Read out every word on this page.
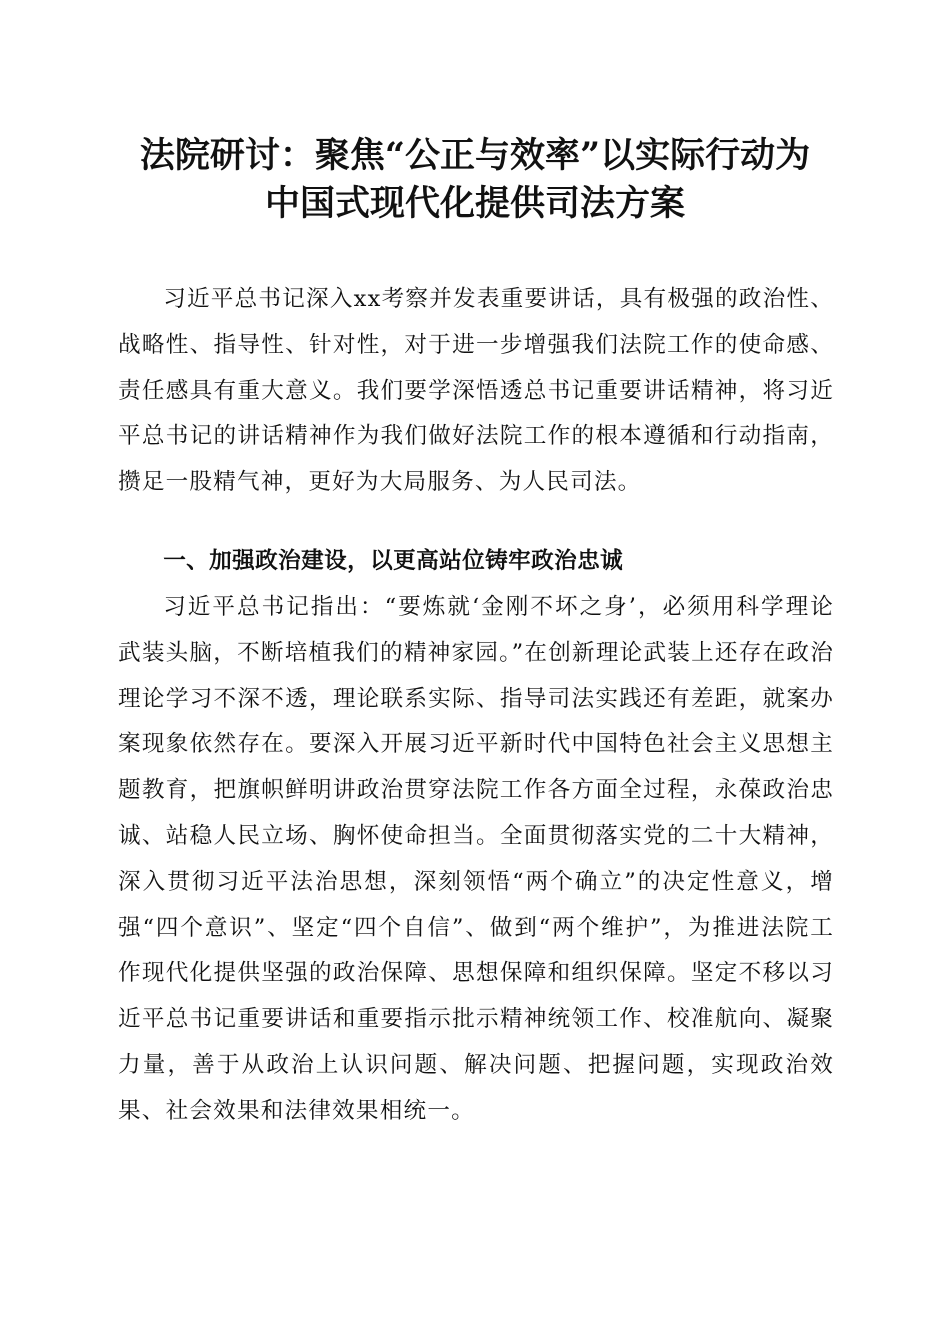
法院研讨：聚焦“公正与效率”以实际行动为
中国式现代化提供司法方案

习近平总书记深入xx考察并发表重要讲话，具有极强的政治性、战略性、指导性、针对性，对于进一步增强我们法院工作的使命感、责任感具有重大意义。我们要学深悟透总书记重要讲话精神，将习近平总书记的讲话精神作为我们做好法院工作的根本遵循和行动指南，攒足一股精气神，更好为大局服务、为人民司法。

一、加强政治建设，以更高站位铸牢政治忠诚

习近平总书记指出：“要炼就‘金刚不坏之身’，必须用科学理论武装头脑，不断培植我们的精神家园。”在创新理论武装上还存在政治理论学习不深不透，理论联系实际、指导司法实践还有差距，就案办案现象依然存在。要深入开展习近平新时代中国特色社会主义思想主题教育，把旗帜鲜明讲政治贯穿法院工作各方面全过程，永葆政治忠诚、站稳人民立场、胸怀使命担当。全面贯彻落实党的二十大精神，深入贯彻习近平法治思想，深刻领悟“两个确立”的决定性意义，增强“四个意识”、坚定“四个自信”、做到“两个维护”，为推进法院工作现代化提供坚强的政治保障、思想保障和组织保障。坚定不移以习近平总书记重要讲话和重要指示批示精神统领工作、校准航向、凝聚力量，善于从政治上认识问题、解决问题、把握问题，实现政治效果、社会效果和法律效果相统一。
